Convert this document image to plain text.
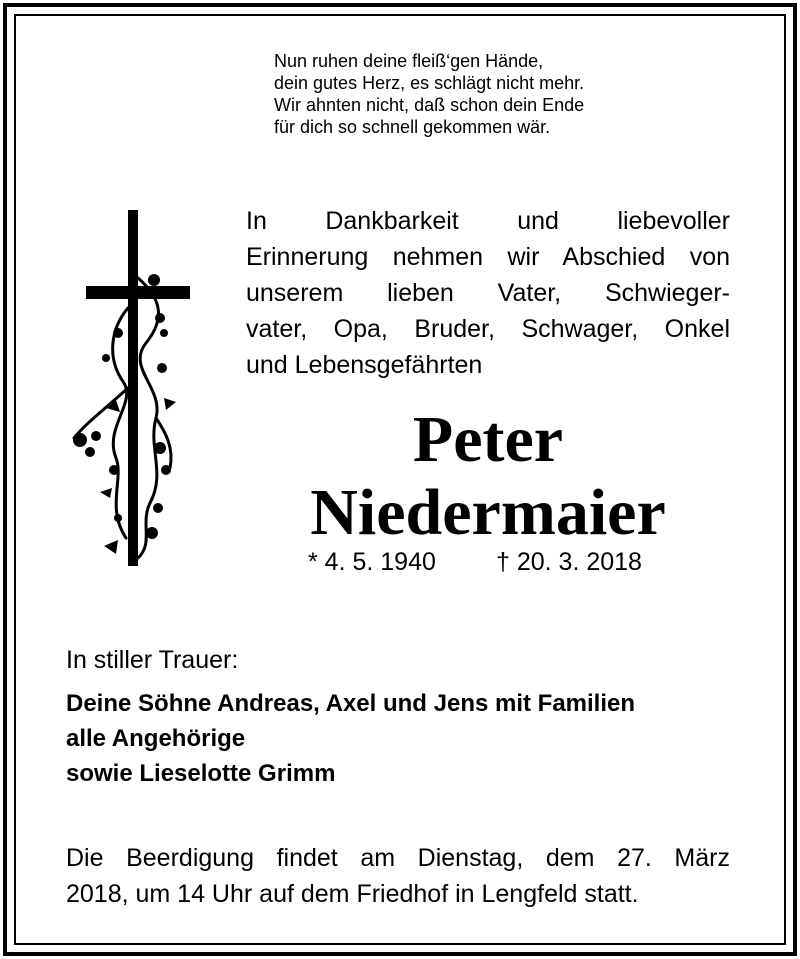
Nun ruhen deine fleiß‘gen Hände,
dein gutes Herz, es schlägt nicht mehr.
Wir ahnten nicht, daß schon dein Ende
für dich so schnell gekommen wär.
In Dankbarkeit und liebevoller
Erinnerung nehmen wir Abschied von
unserem lieben Vater, Schwieger-
vater, Opa, Bruder, Schwager, Onkel
und Lebensgefährten
Peter
Niedermaier
* 4. 5. 1940 † 20. 3. 2018
In stiller Trauer:
Deine Söhne Andreas, Axel und Jens mit Familien
alle Angehörige
sowie Lieselotte Grimm
Die Beerdigung findet am Dienstag, dem 27. März
2018, um 14 Uhr auf dem Friedhof in Lengfeld statt.
